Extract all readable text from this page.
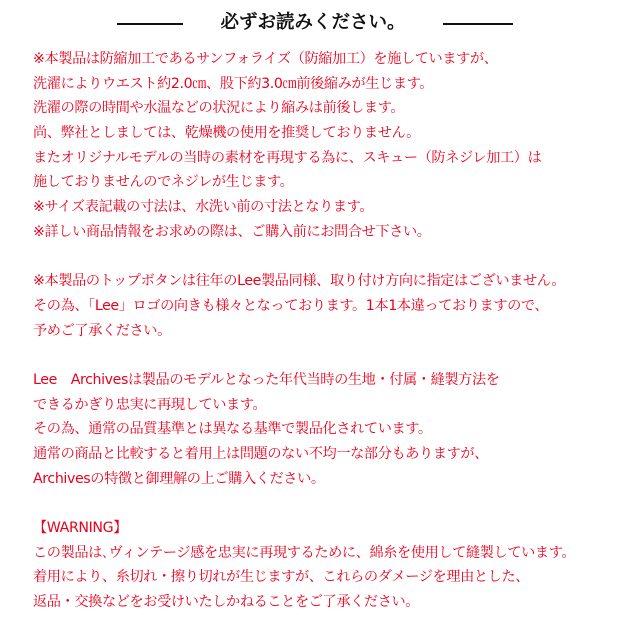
必ずお読みください。
※本製品は防縮加工であるサンフォライズ（防縮加工）を施していますが、
洗濯によりウエスト約2.0㎝、股下約3.0㎝前後縮みが生じます。
洗濯の際の時間や水温などの状況により縮みは前後します。
尚、弊社としましては、乾燥機の使用を推奨しておりません。
またオリジナルモデルの当時の素材を再現する為に、スキュー（防ネジレ加工）は
施しておりませんのでネジレが生じます。
※サイズ表記載の寸法は、水洗い前の寸法となります。
※詳しい商品情報をお求めの際は、ご購入前にお問合せ下さい。
※本製品のトップボタンは往年のLee製品同様、取り付け方向に指定はございません。
その為、「Lee」ロゴの向きも様々となっております。1本1本違っておりますので、
予めご了承ください。
Lee　Archivesは製品のモデルとなった年代当時の生地・付属・縫製方法を
できるかぎり忠実に再現しています。
その為、通常の品質基準とは異なる基準で製品化されています。
通常の商品と比較すると着用上は問題のない不均一な部分もありますが、
Archivesの特徴と御理解の上ご購入ください。
【WARNING】
この製品は､ヴィンテージ感を忠実に再現するために、綿糸を使用して縫製しています。
着用により、糸切れ・擦り切れが生じますが、これらのダメージを理由とした、
返品・交換などをお受けいたしかねることをご了承ください。
